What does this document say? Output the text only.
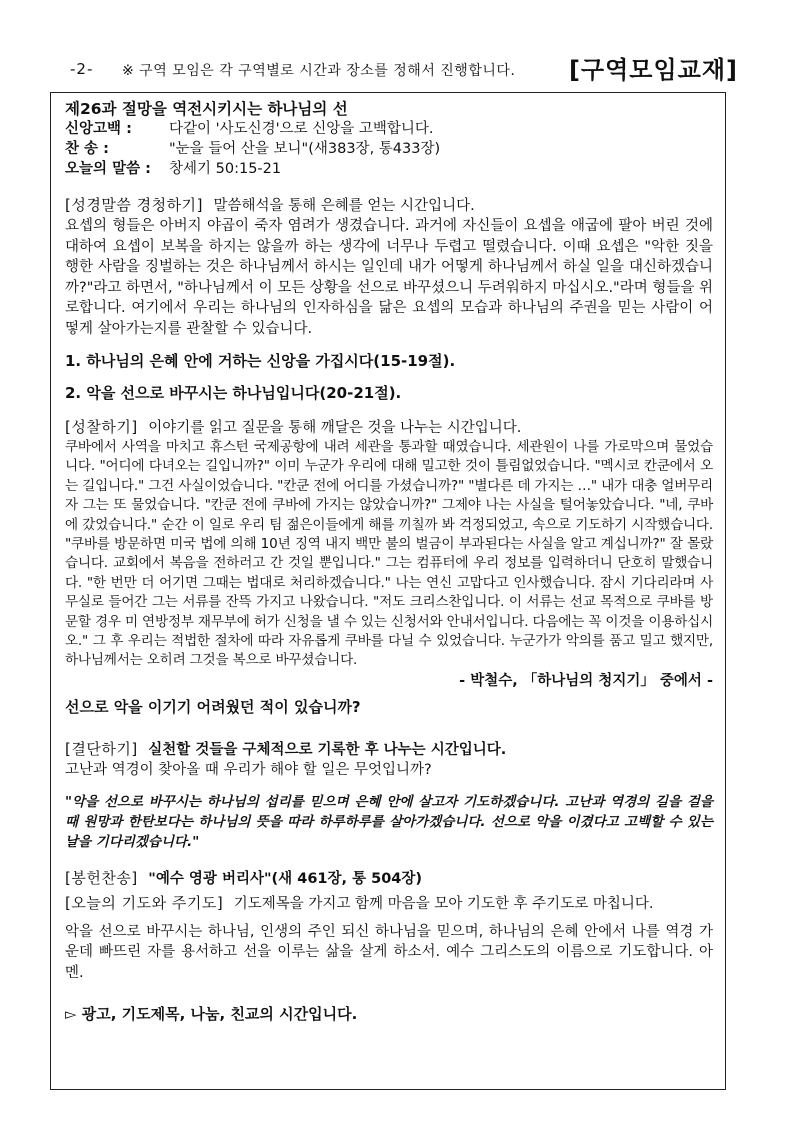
-2- ※ 구역 모임은 각 구역별로 시간과 장소를 정해서 진행합니다.
[	구역모임교재 ]
제26과 절망을 역전시키시는 하나님의 선
신앙고백 :	다같이 '사도신경'으로 신앙을 고백합니다.
찬 송 :	"눈을 들어 산을 보니"(새383장, 통433장)
오늘의 말씀 : 창세기 50:15-21
[ 성경말씀 경청하기 ] 말씀해석을 통해 은혜를 얻는 시간입니다.

요셉의 형들은 아버지 야곱이 죽자 염려가 생겼습니다. 과거에 자신들이 요셉을 애굽에 팔아 버린 것에 대하여 요셉이 보복을 하지는 않을까 하는 생각에 너무나 두렵고 떨렸습니다. 이때 요셉은 "악한 짓을 행한 사람을 징벌하는 것은 하나님께서 하시는 일인데 내가 어떻게 하나님께서 하실 일을 대신하겠습니까?"라고 하면서, "하나님께서 이 모든 상황을 선으로 바꾸셨으니 두려워하지 마십시오."라며 형들을 위로합니다. 여기에서 우리는 하나님의 인자하심을 닮은 요셉의 모습과 하나님의 주권을 믿는 사람이 어떻게 살아가는지를 관찰할 수 있습니다.

1. 하나님의 은혜 안에 거하는 신앙을 가집시다(15-19절).
2. 악을 선으로 바꾸시는 하나님입니다(20-21절).
[ 성찰하기 ] 이야기를 읽고 질문을 통해 깨달은 것을 나누는 시간입니다.

쿠바에서 사역을 마치고 휴스턴 국제공항에 내려 세관을 통과할 때였습니다. 세관원이 나를 가로막으며 물었습니다. "어디에 다녀오는 길입니까?" 이미 누군가 우리에 대해 밀고한 것이 틀림없었습니다. "멕시코 칸쿤에서 오는 길입니다." 그건 사실이었습니다. "칸쿤 전에 어디를 가셨습니까?" "별다른 데 가지는 …" 내가 대충 얼버무리자 그는 또 물었습니다. "칸쿤 전에 쿠바에 가지는 않았습니까?" 그제야 나는 사실을 털어놓았습니다. "네, 쿠바에 갔었습니다." 순간 이 일로 우리 팀 젊은이들에게 해를 끼칠까 봐 걱정되었고, 속으로 기도하기 시작했습니다. "쿠바를 방문하면 미국 법에 의해 10년 징역 내지 백만 불의 벌금이 부과된다는 사실을 알고 계십니까?" 잘 몰랐습니다. 교회에서 복음을 전하러고 간 것일 뿐입니다." 그는 컴퓨터에 우리 정보를 입력하더니 단호히 말했습니다. "한 번만 더 어기면 그때는 법대로 처리하겠습니다." 나는 연신 고맙다고 인사했습니다. 잠시 기다리라며 사무실로 들어간 그는 서류를 잔뜩 가지고 나왔습니다. "저도 크리스찬입니다. 이 서류는 선교 목적으로 쿠바를 방문할 경우 미 연방정부 재무부에 허가 신청을 낼 수 있는 신청서와 안내서입니다. 다음에는 꼭 이것을 이용하십시오." 그 후 우리는 적법한 절차에 따라 자유롭게 쿠바를 다닐 수 있었습니다. 누군가가 악의를 품고 밀고 했지만, 하나님께서는 오히려 그것을 복으로 바꾸셨습니다.

- 박철수, 「하나님의 청지기」 중에서 -
선으로 악을 이기기 어려웠던 적이 있습니까?
[ 결단하기 ] 실천할 것들을 구체적으로 기록한 후 나누는 시간입니다.
고난과 역경이 찾아올 때 우리가 해야 할 일은 무엇입니까?

"악을 선으로 바꾸시는 하나님의 섭리를 믿으며 은혜 안에 살고자 기도하겠습니다. 고난과 역경의 길을 걸을 때 원망과 한탄보다는 하나님의 뜻을 따라 하루하루를 살아가겠습니다. 선으로 악을 이겼다고 고백할 수 있는 날을 기다리겠습니다."

[ 봉헌찬송 ] "예수 영광 버리사"(새 461장, 통 504장)
[ 오늘의 기도와 주기도 ] 기도제목을 가지고 함께 마음을 모아 기도한 후 주기도로 마칩니다.

악을 선으로 바꾸시는 하나님, 인생의 주인 되신 하나님을 믿으며, 하나님의 은혜 안에서 나를 역경 가운데 빠뜨린 자를 용서하고 선을 이루는 삶을 살게 하소서. 예수 그리스도의 이름으로 기도합니다. 아멘.

▻ 광고, 기도제목, 나눔, 친교의 시간입니다.
